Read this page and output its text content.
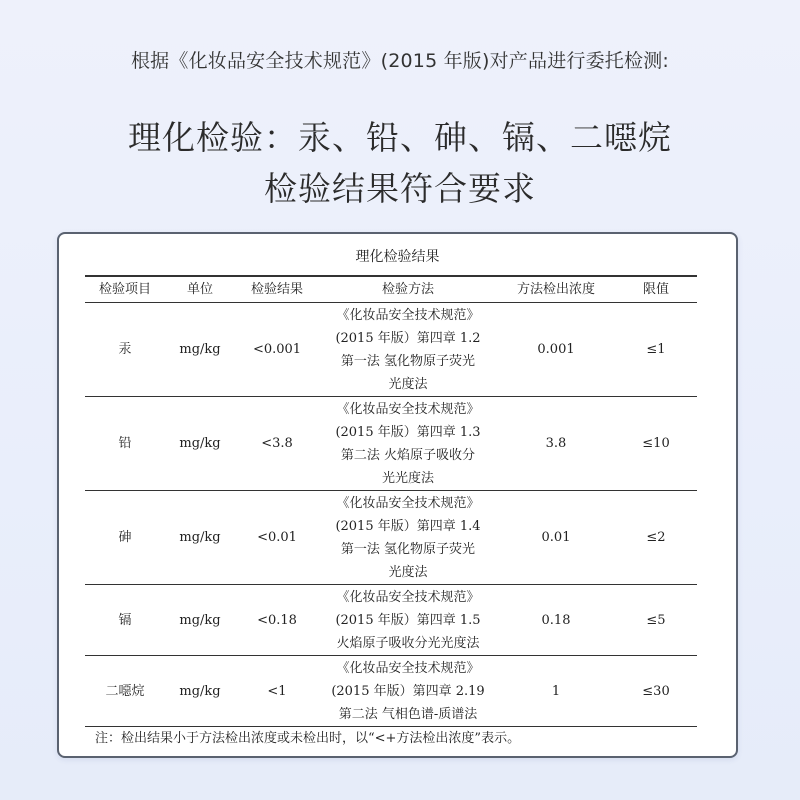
根据《化妆品安全技术规范》(2015 年版)对产品进行委托检测:
理化检验：汞、铅、砷、镉、二噁烷
检验结果符合要求
理化检验结果
检验项目	单位	检验结果	检验方法	方法检出浓度	限值
汞	mg/kg	<0.001	《化妆品安全技术规范》
(2015 年版）第四章 1.2
第一法 氢化物原子荧光
光度法	0.001	≤1
铅	mg/kg	<3.8	《化妆品安全技术规范》
(2015 年版）第四章 1.3
第二法 火焰原子吸收分
光光度法	3.8	≤10
砷	mg/kg	<0.01	《化妆品安全技术规范》
(2015 年版）第四章 1.4
第一法 氢化物原子荧光
光度法	0.01	≤2
镉	mg/kg	<0.18	《化妆品安全技术规范》
(2015 年版）第四章 1.5
火焰原子吸收分光光度法	0.18	≤5
二噁烷	mg/kg	<1	《化妆品安全技术规范》
(2015 年版）第四章 2.19
第二法 气相色谱-质谱法	1	≤30
注：检出结果小于方法检出浓度或未检出时，以“<+方法检出浓度”表示。
